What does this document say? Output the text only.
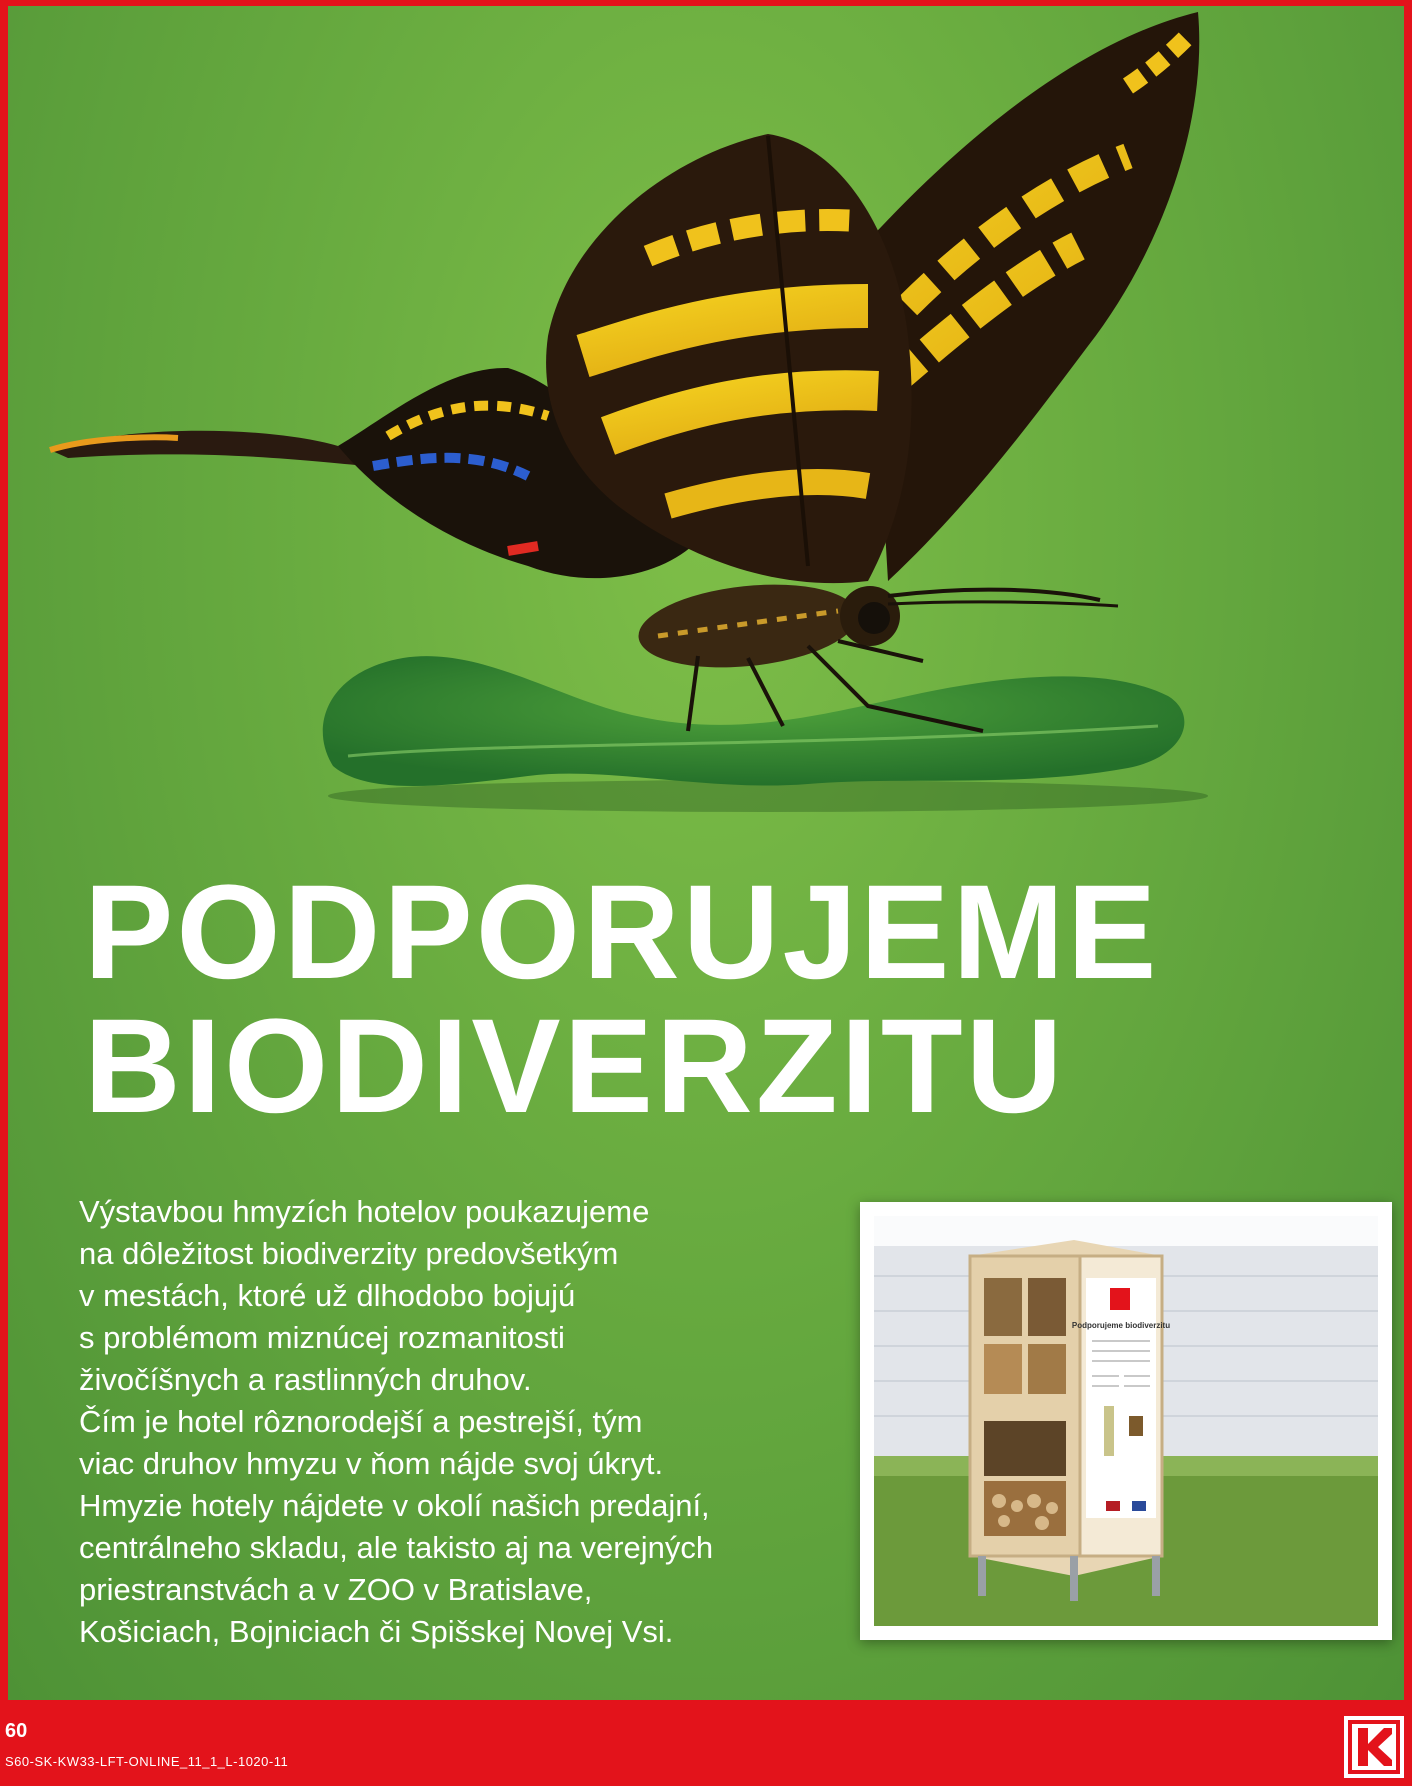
PODPORUJEME
BIODIVERZITU
Výstavbou hmyzích hotelov poukazujeme
na dôležitost biodiverzity predovšetkým
v mestách, ktoré už dlhodobo bojujú
s problémom miznúcej rozmanitosti
živočíšnych a rastlinných druhov.
Čím je hotel rôznorodejší a pestrejší, tým
viac druhov hmyzu v ňom nájde svoj úkryt.
Hmyzie hotely nájdete v okolí našich predajní,
centrálneho skladu, ale takisto aj na verejných
priestranstvách a v ZOO v Bratislave,
Košiciach, Bojniciach či Spišskej Novej Vsi.
Podporujeme biodiverzitu
60
S60-SK-KW33-LFT-ONLINE_11_1_L-1020-11
